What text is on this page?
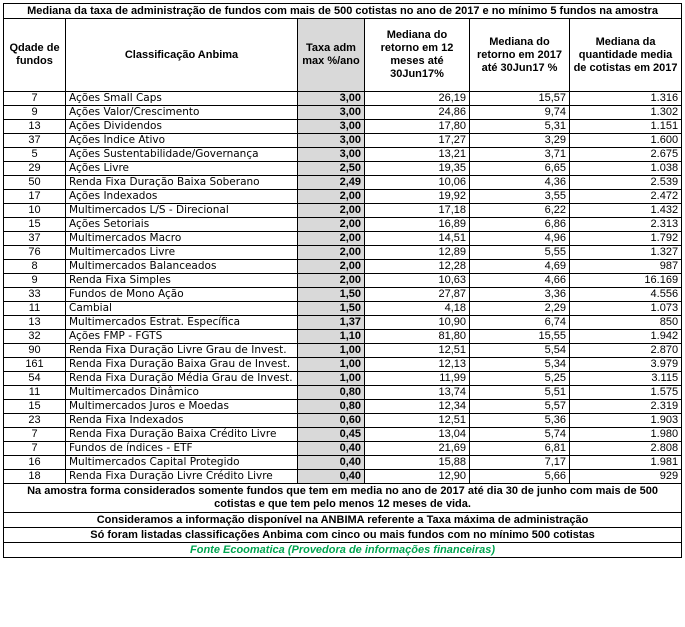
Mediana da taxa de administração de fundos com mais de 500 cotistas no ano de 2017 e no mínimo 5 fundos na amostra					
Qdade de fundos	Classificação Anbima	Taxa adm max %/ano	Mediana do retorno em 12 meses até 30Jun17%	Mediana do retorno em 2017 até 30Jun17 %	Mediana da quantidade media de cotistas em 2017
7	Ações Small Caps	3,00	26,19	15,57	1.316
9	Ações Valor/Crescimento	3,00	24,86	9,74	1.302
13	Ações Dividendos	3,00	17,80	5,31	1.151
37	Ações Índice Ativo	3,00	17,27	3,29	1.600
5	Ações Sustentabilidade/Governança	3,00	13,21	3,71	2.675
29	Ações Livre	2,50	19,35	6,65	1.038
50	Renda Fixa Duração Baixa Soberano	2,49	10,06	4,36	2.539
17	Ações Indexados	2,00	19,92	3,55	2.472
10	Multimercados L/S - Direcional	2,00	17,18	6,22	1.432
15	Ações Setoriais	2,00	16,89	6,86	2.313
37	Multimercados Macro	2,00	14,51	4,96	1.792
76	Multimercados Livre	2,00	12,89	5,55	1.327
8	Multimercados Balanceados	2,00	12,28	4,69	987
9	Renda Fixa Simples	2,00	10,63	4,66	16.169
33	Fundos de Mono Ação	1,50	27,87	3,36	4.556
11	Cambial	1,50	4,18	2,29	1.073
13	Multimercados Estrat. Específica	1,37	10,90	6,74	850
32	Ações FMP - FGTS	1,10	81,80	15,55	1.942
90	Renda Fixa Duração Livre Grau de Invest.	1,00	12,51	5,54	2.870
161	Renda Fixa Duração Baixa Grau de Invest.	1,00	12,13	5,34	3.979
54	Renda Fixa Duração Média Grau de Invest.	1,00	11,99	5,25	3.115
11	Multimercados Dinâmico	0,80	13,74	5,51	1.575
15	Multimercados Juros e Moedas	0,80	12,34	5,57	2.319
23	Renda Fixa Indexados	0,60	12,51	5,36	1.903
7	Renda Fixa Duração Baixa Crédito Livre	0,45	13,04	5,74	1.980
7	Fundos de índices - ETF	0,40	21,69	6,81	2.808
16	Multimercados Capital Protegido	0,40	15,88	7,17	1.981
18	Renda Fixa Duração Livre Crédito Livre	0,40	12,90	5,66	929
Na amostra forma considerados somente fundos que tem em media no ano de 2017 até dia 30 de junho com mais de 500 cotistas e que tem pelo menos 12 meses de vida.					
Consideramos a informação disponível na ANBIMA referente a Taxa máxima de administração					
Só foram listadas classificações Anbima com cinco ou mais fundos com no mínimo 500 cotistas					
Fonte Ecoomatica (Provedora de informações financeiras)					
